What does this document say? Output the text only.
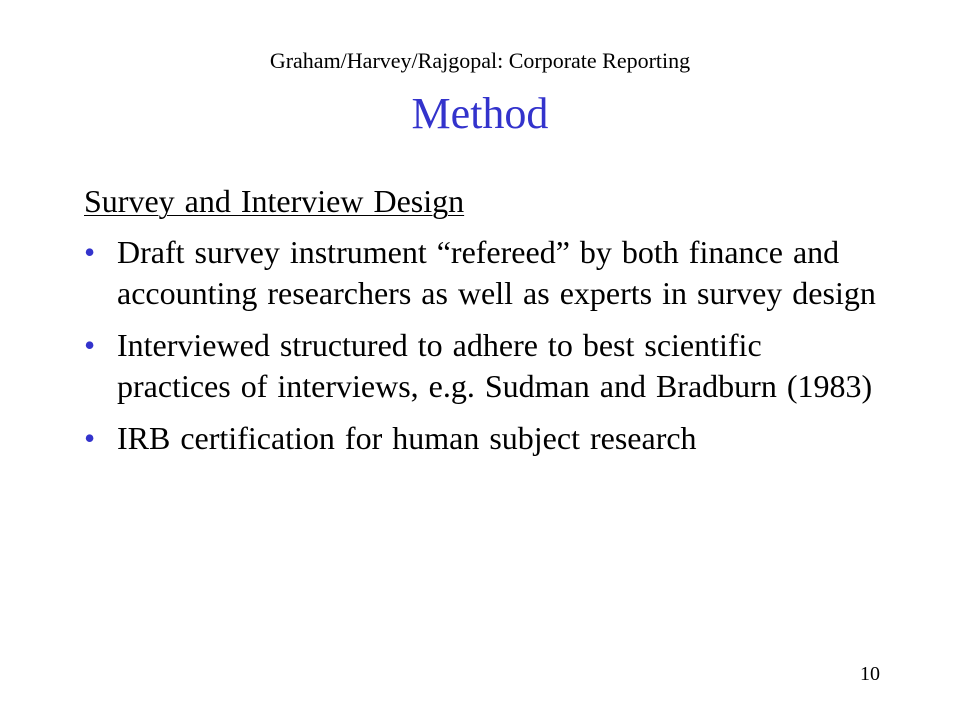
Graham/Harvey/Rajgopal: Corporate Reporting
Method
Survey and Interview Design
• Draft survey instrument “refereed” by both finance and accounting researchers as well as experts in survey design
• Interviewed structured to adhere to best scientific practices of interviews, e.g. Sudman and Bradburn (1983)
• IRB certification for human subject research
10
